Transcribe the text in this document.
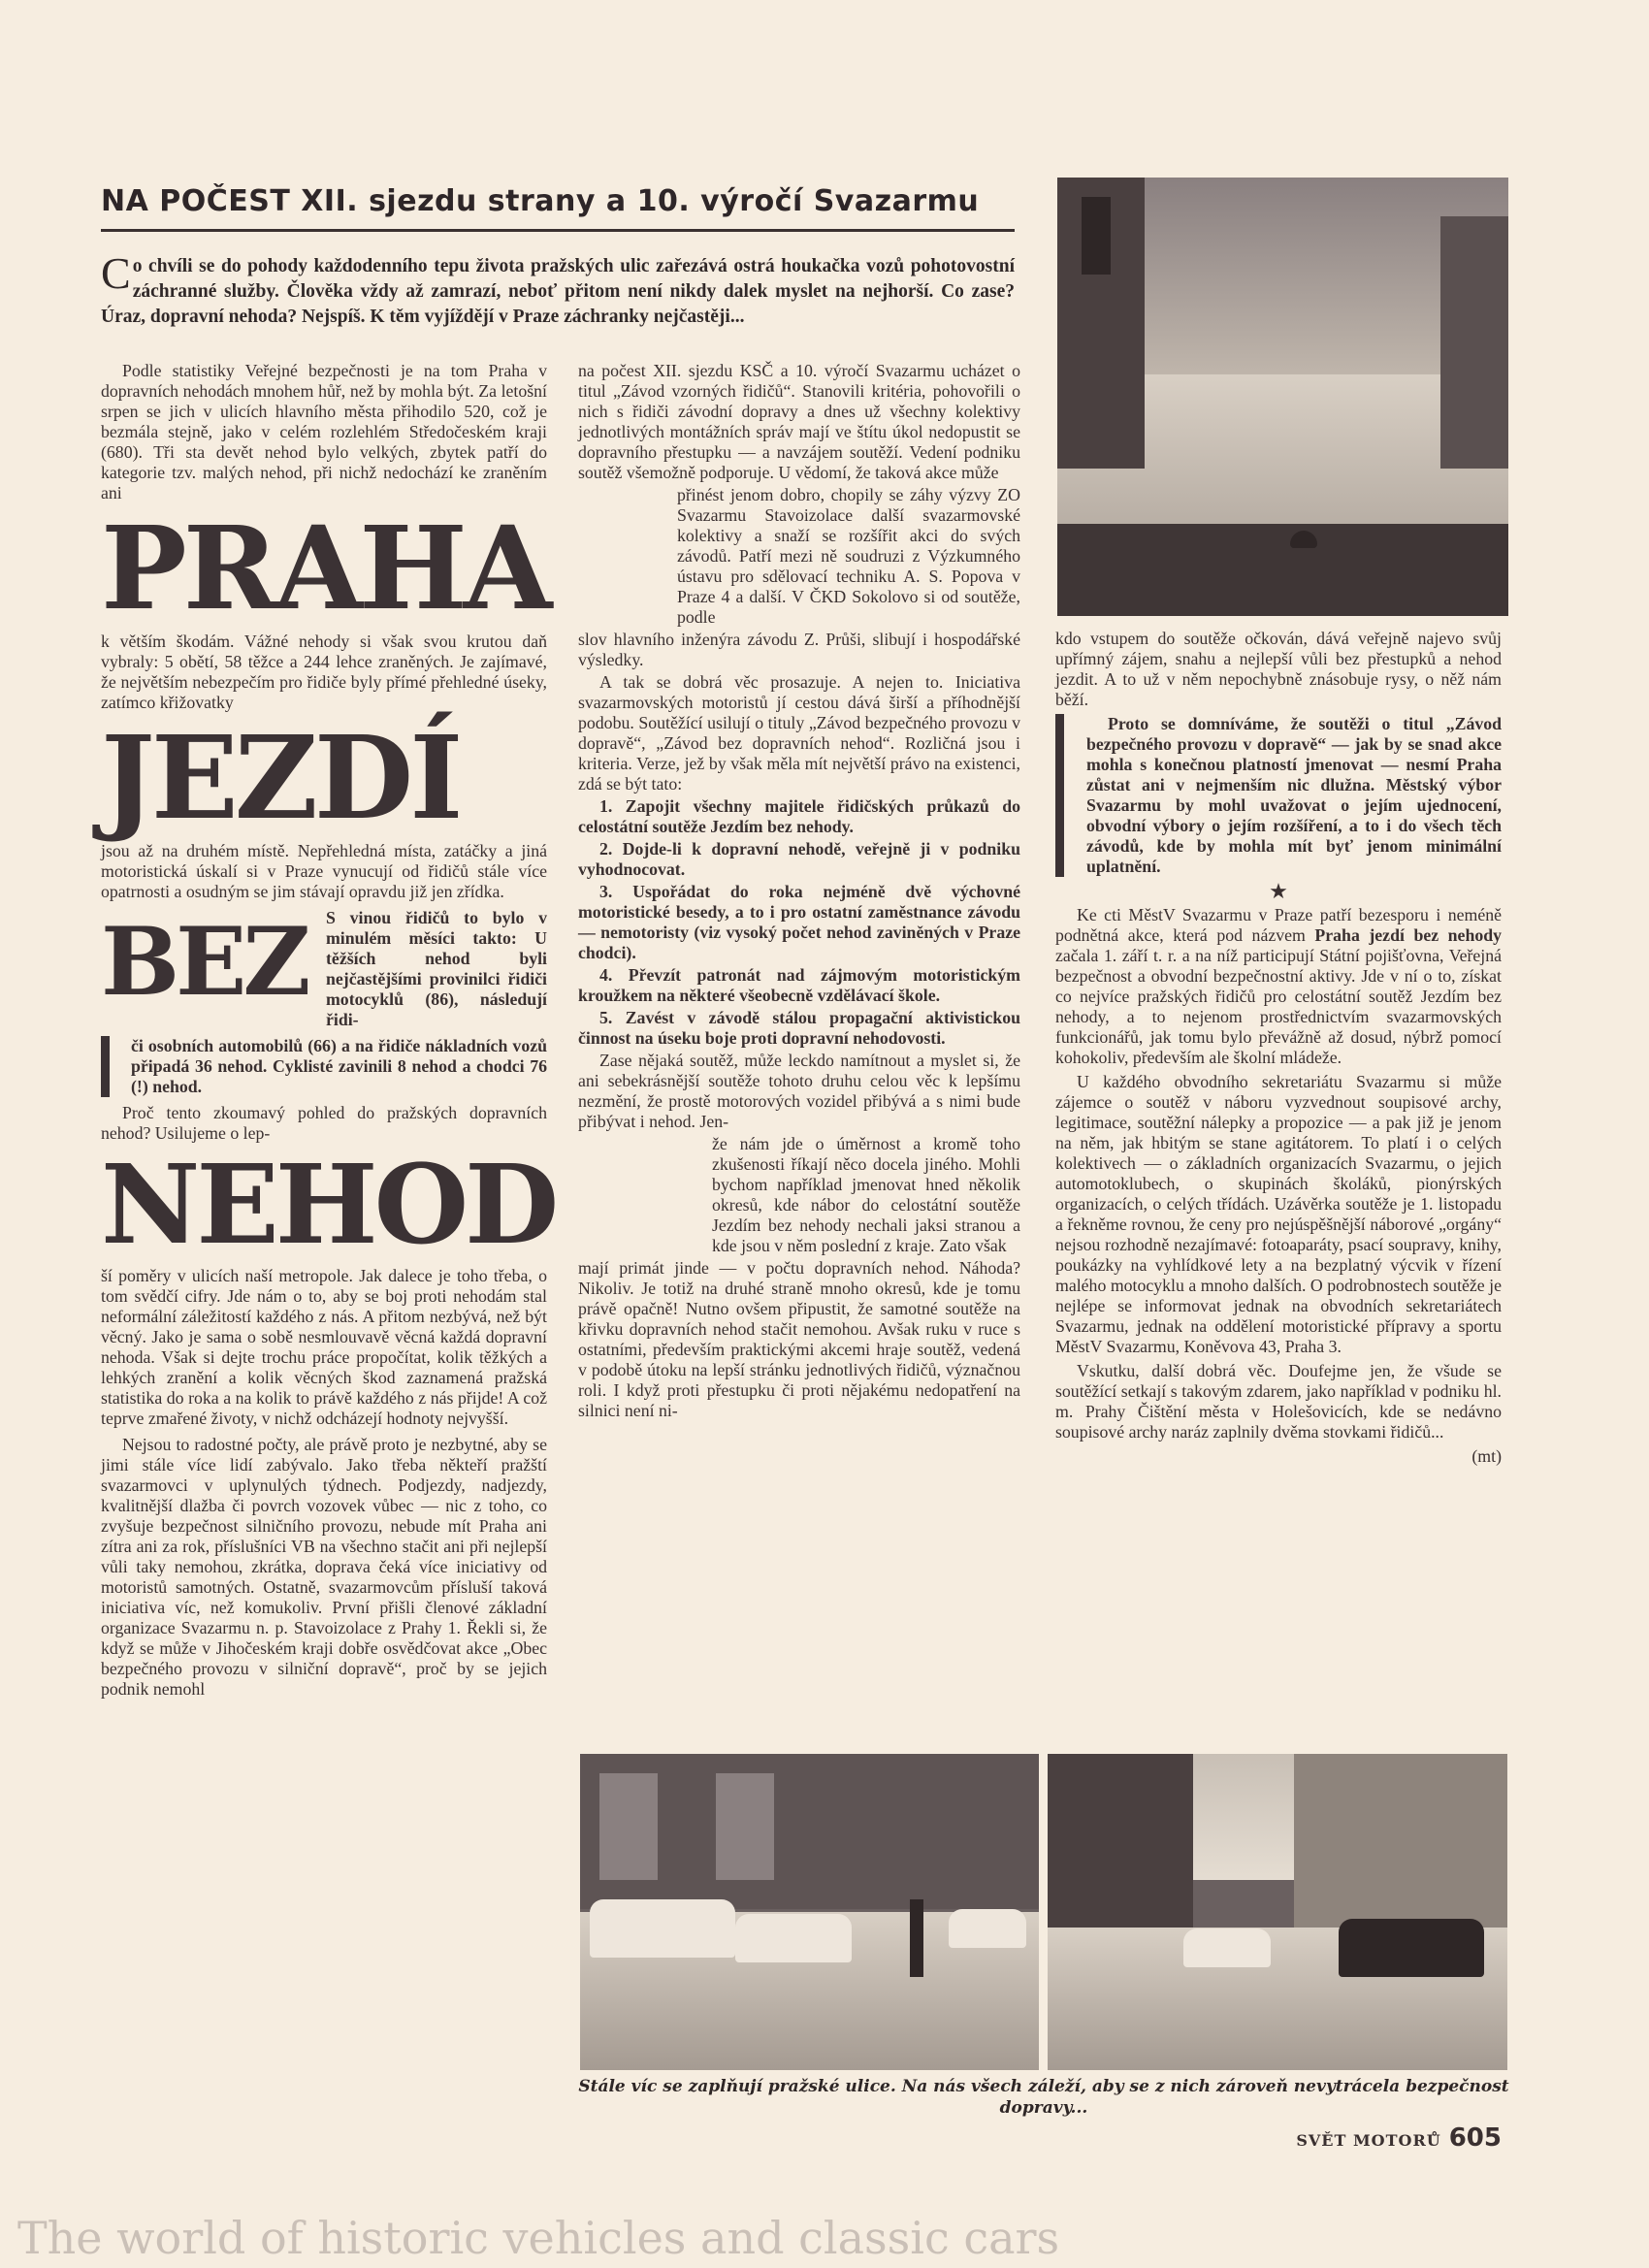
NA POČEST XII. sjezdu strany a 10. výročí Svazarmu
Co chvíli se do pohody každodenního tepu života pražských ulic zařezává ostrá houkačka vozů pohotovostní záchranné služby. Člověka vždy až zamrazí, neboť přitom není nikdy dalek myslet na nejhorší. Co zase? Úraz, dopravní nehoda? Nejspíš. K těm vyjíždějí v Praze záchranky nejčastěji...

Podle statistiky Veřejné bezpečnosti je na tom Praha v dopravních nehodách mnohem hůř, než by mohla být. Za letošní srpen se jich v ulicích hlavního města přihodilo 520, což je bezmála stejně, jako v celém rozlehlém Středočeském kraji (680). Tři sta devět nehod bylo velkých, zbytek patří do kategorie tzv. malých nehod, při nichž nedochází ke zraněním ani

PRAHA

k větším škodám. Vážné nehody si však svou krutou daň vybraly: 5 obětí, 58 těžce a 244 lehce zraněných. Je zajímavé, že největším nebezpečím pro řidiče byly přímé přehledné úseky, zatímco křižovatky

JEZDÍ

jsou až na druhém místě. Nepřehledná místa, zatáčky a jiná motoristická úskalí si v Praze vynucují od řidičů stále více opatrnosti a osudným se jim stávají opravdu již jen zřídka.

BEZ	S vinou řidičů to bylo v minulém měsíci takto: U těžších nehod byli nejčastějšími provinilci řidiči motocyklů (86), následují řidi-

či osobních automobilů (66) a na řidiče nákladních vozů připadá 36 nehod. Cyklisté zavinili 8 nehod a chodci 76 (!) nehod.

Proč tento zkoumavý pohled do pražských dopravních nehod? Usilujeme o lep-

NEHOD

ší poměry v ulicích naší metropole. Jak dalece je toho třeba, o tom svědčí cifry. Jde nám o to, aby se boj proti nehodám stal neformální záležitostí každého z nás. A přitom nezbývá, než být věcný. Jako je sama o sobě nesmlouvavě věcná každá dopravní nehoda. Však si dejte trochu práce propočítat, kolik těžkých a lehkých zranění a kolik věcných škod zaznamená pražská statistika do roka a na kolik to právě každého z nás přijde! A což teprve zmařené životy, v nichž odcházejí hodnoty nejvyšší.

Nejsou to radostné počty, ale právě proto je nezbytné, aby se jimi stále více lidí zabývalo. Jako třeba někteří pražští svazarmovci v uplynulých týdnech. Podjezdy, nadjezdy, kvalitnější dlažba či povrch vozovek vůbec — nic z toho, co zvyšuje bezpečnost silničního provozu, nebude mít Praha ani zítra ani za rok, příslušníci VB na všechno stačit ani při nejlepší vůli taky nemohou, zkrátka, doprava čeká více iniciativy od motoristů samotných. Ostatně, svazarmovcům přísluší taková iniciativa víc, než komukoliv. První přišli členové základní organizace Svazarmu n. p. Stavoizolace z Prahy 1. Řekli si, že když se může v Jihočeském kraji dobře osvědčovat akce „Obec bezpečného provozu v silniční dopravě“, proč by se jejich podnik nemohl

na počest XII. sjezdu KSČ a 10. výročí Svazarmu ucházet o titul „Závod vzorných řidičů“. Stanovili kritéria, pohovořili o nich s řidiči závodní dopravy a dnes už všechny kolektivy jednotlivých montážních správ mají ve štítu úkol nedopustit se dopravního přestupku — a navzájem soutěží. Vedení podniku soutěž všemožně podporuje. U vědomí, že taková akce může

přinést jenom dobro, chopily se záhy výzvy ZO Svazarmu Stavoizolace další svazarmovské kolektivy a snaží se rozšířit akci do svých závodů. Patří mezi ně soudruzi z Výzkumného ústavu pro sdělovací techniku A. S. Popova v Praze 4 a další. V ČKD Sokolovo si od soutěže, podle

slov hlavního inženýra závodu Z. Průši, slibují i hospodářské výsledky.

A tak se dobrá věc prosazuje. A nejen to. Iniciativa svazarmovských motoristů jí cestou dává širší a příhodnější podobu. Soutěžící usilují o tituly „Závod bezpečného provozu v dopravě“, „Závod bez dopravních nehod“. Rozličná jsou i kriteria. Verze, jež by však měla mít největší právo na existenci, zdá se být tato:

1. Zapojit všechny majitele řidičských průkazů do celostátní soutěže Jezdím bez nehody.

2. Dojde-li k dopravní nehodě, veřejně ji v podniku vyhodnocovat.

3. Uspořádat do roka nejméně dvě výchovné motoristické besedy, a to i pro ostatní zaměstnance závodu — nemotoristy (viz vysoký počet nehod zaviněných v Praze chodci).

4. Převzít patronát nad zájmovým motoristickým kroužkem na některé všeobecně vzdělávací škole.

5. Zavést v závodě stálou propagační aktivistickou činnost na úseku boje proti dopravní nehodovosti.

Zase nějaká soutěž, může leckdo namítnout a myslet si, že ani sebekrásnější soutěže tohoto druhu celou věc k lepšímu nezmění, že prostě motorových vozidel přibývá a s nimi bude přibývat i nehod. Jen-

že nám jde o úměrnost a kromě toho zkušenosti říkají něco docela jiného. Mohli bychom například jmenovat hned několik okresů, kde nábor do celostátní soutěže Jezdím bez nehody nechali jaksi stranou a kde jsou v něm poslední z kraje. Zato však

mají primát jinde — v počtu dopravních nehod. Náhoda? Nikoliv. Je totiž na druhé straně mnoho okresů, kde je tomu právě opačně! Nutno ovšem připustit, že samotné soutěže na křivku dopravních nehod stačit nemohou. Avšak ruku v ruce s ostatními, především praktickými akcemi hraje soutěž, vedená v podobě útoku na lepší stránku jednotlivých řidičů, význačnou roli. I když proti přestupku či proti nějakému nedopatření na silnici není ni-

kdo vstupem do soutěže očkován, dává veřejně najevo svůj upřímný zájem, snahu a nejlepší vůli bez přestupků a nehod jezdit. A to už v něm nepochybně znásobuje rysy, o něž nám běží.

Proto se domníváme, že soutěži o titul „Závod bezpečného provozu v dopravě“ — jak by se snad akce mohla s konečnou platností jmenovat — nesmí Praha zůstat ani v nejmenším nic dlužna. Městský výbor Svazarmu by mohl uvažovat o jejím ujednocení, obvodní výbory o jejím rozšíření, a to i do všech těch závodů, kde by mohla mít byť jenom minimální uplatnění.

★

Ke cti MěstV Svazarmu v Praze patří bezesporu i neméně podnětná akce, která pod názvem Praha jezdí bez nehody začala 1. září t. r. a na níž participují Státní pojišťovna, Veřejná bezpečnost a obvodní bezpečnostní aktivy. Jde v ní o to, získat co nejvíce pražských řidičů pro celostátní soutěž Jezdím bez nehody, a to nejenom prostřednictvím svazarmovských funkcionářů, jak tomu bylo převážně až dosud, nýbrž pomocí kohokoliv, především ale školní mládeže.

U každého obvodního sekretariátu Svazarmu si může zájemce o soutěž v náboru vyzvednout soupisové archy, legitimace, soutěžní nálepky a propozice — a pak již je jenom na něm, jak hbitým se stane agitátorem. To platí i o celých kolektivech — o základních organizacích Svazarmu, o jejich automotoklubech, o skupinách školáků, pionýrských organizacích, o celých třídách. Uzávěrka soutěže je 1. listopadu a řekněme rovnou, že ceny pro nejúspěšnější náborové „orgány“ nejsou rozhodně nezajímavé: fotoaparáty, psací soupravy, knihy, poukázky na vyhlídkové lety a na bezplatný výcvik v řízení malého motocyklu a mnoho dalších. O podrobnostech soutěže je nejlépe se informovat jednak na obvodních sekretariátech Svazarmu, jednak na oddělení motoristické přípravy a sportu MěstV Svazarmu, Koněvova 43, Praha 3.

Vskutku, další dobrá věc. Doufejme jen, že všude se soutěžící setkají s takovým zdarem, jako například v podniku hl. m. Prahy Čištění města v Holešovicích, kde se nedávno soupisové archy naráz zaplnily dvěma stovkami řidičů...

(mt)

Stále víc se zaplňují pražské ulice. Na nás všech záleží, aby se z nich zároveň nevytrácela bezpečnost dopravy...
SVĚT MOTORŮ 605
The world of historic vehicles and classic cars
